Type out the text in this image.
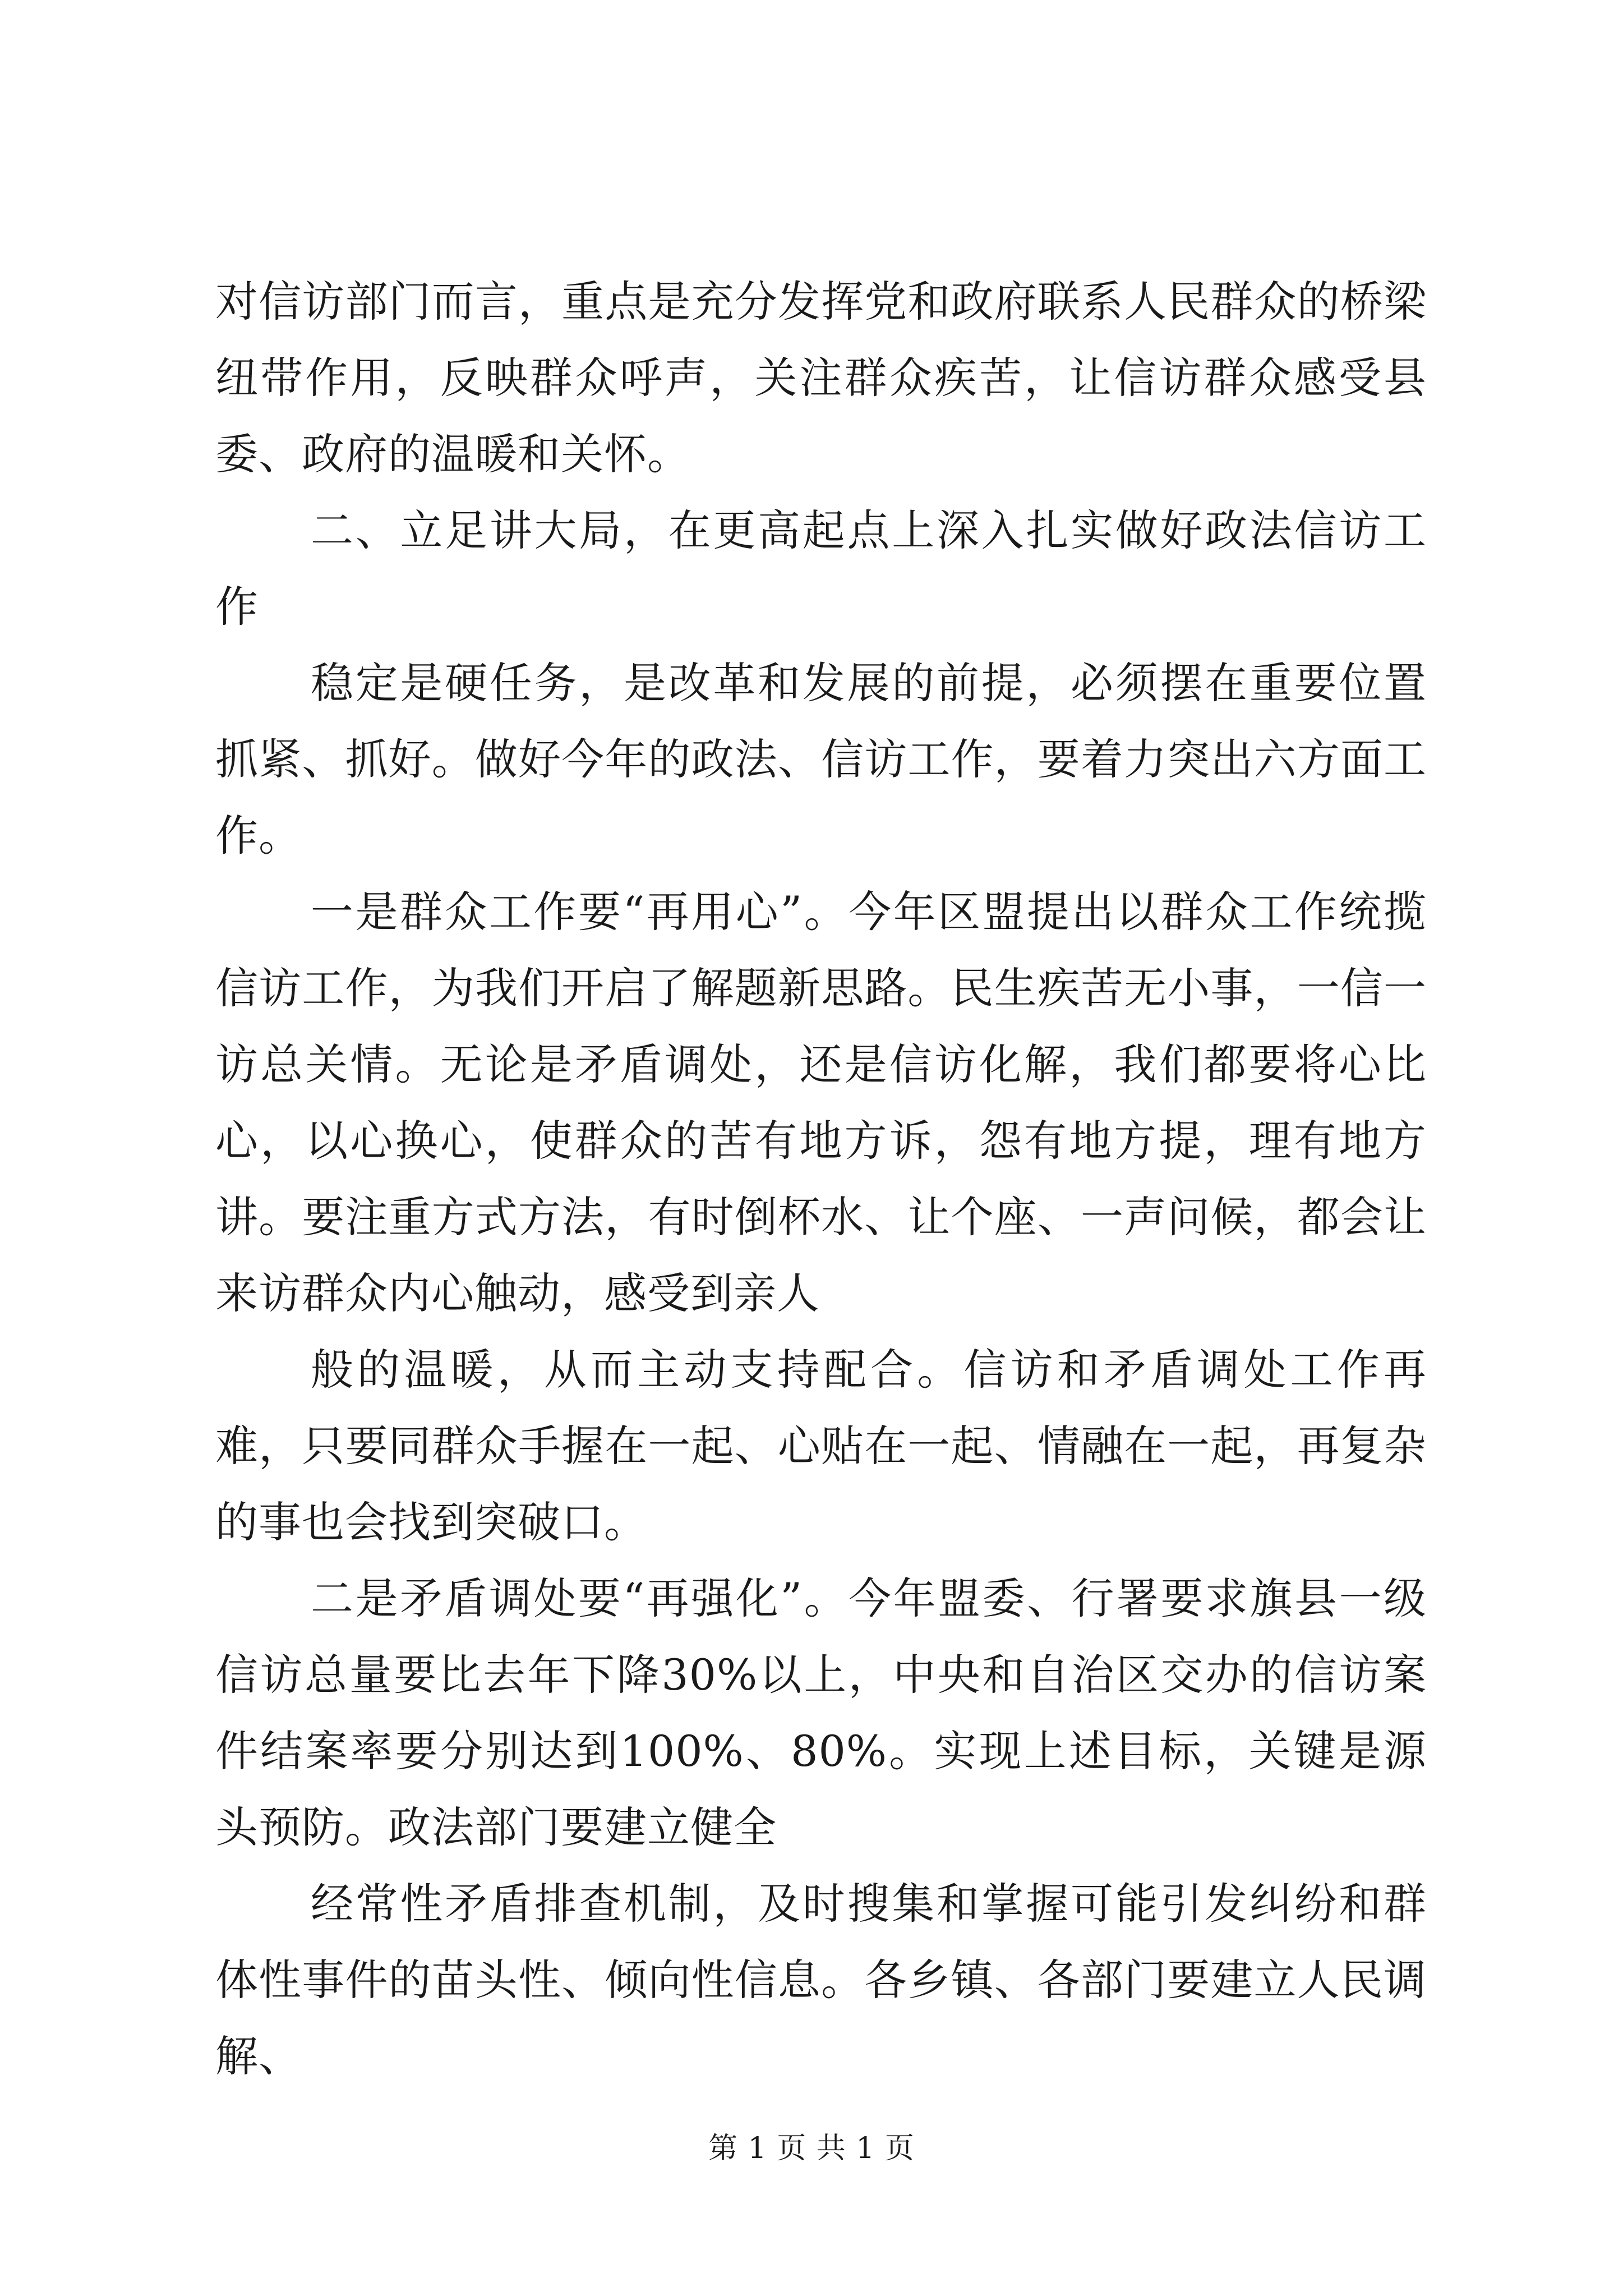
对信访部门而言，重点是充分发挥党和政府联系人民群众的桥梁纽带作用，反映群众呼声，关注群众疾苦，让信访群众感受县委、政府的温暖和关怀。

二、立足讲大局，在更高起点上深入扎实做好政法信访工作

稳定是硬任务，是改革和发展的前提，必须摆在重要位置抓紧、抓好。做好今年的政法、信访工作，要着力突出六方面工作。

一是群众工作要“再用心”。今年区盟提出以群众工作统揽信访工作，为我们开启了解题新思路。民生疾苦无小事，一信一访总关情。无论是矛盾调处，还是信访化解，我们都要将心比心，以心换心，使群众的苦有地方诉，怨有地方提，理有地方讲。要注重方式方法，有时倒杯水、让个座、一声问候，都会让来访群众内心触动，感受到亲人

般的温暖，从而主动支持配合。信访和矛盾调处工作再难，只要同群众手握在一起、心贴在一起、情融在一起，再复杂的事也会找到突破口。

二是矛盾调处要“再强化”。今年盟委、行署要求旗县一级信访总量要比去年下降30%以上，中央和自治区交办的信访案件结案率要分别达到100%、80%。实现上述目标，关键是源头预防。政法部门要建立健全

经常性矛盾排查机制，及时搜集和掌握可能引发纠纷和群体性事件的苗头性、倾向性信息。各乡镇、各部门要建立人民调解、

第 1 页 共 1 页
